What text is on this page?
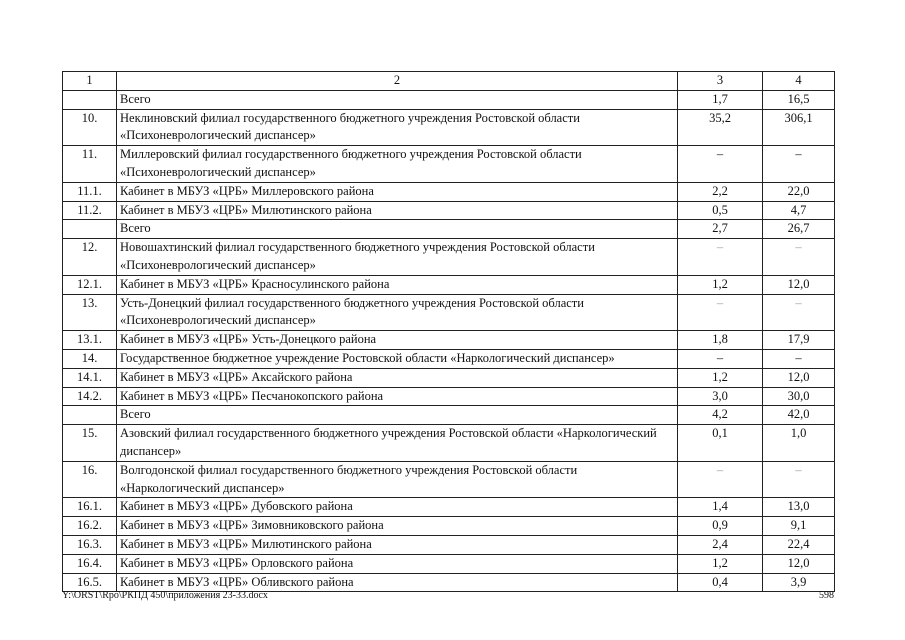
1	2	3	4
	Всего	1,7	16,5
10.	Неклиновский филиал государственного бюджетного учреждения Ростовской области «Психоневрологический диспансер»	35,2	306,1
11.	Миллеровский филиал государственного бюджетного учреждения Ростовской области «Психоневрологический диспансер»	–	–
11.1.	Кабинет в МБУЗ «ЦРБ» Миллеровского района	2,2	22,0
11.2.	Кабинет в МБУЗ «ЦРБ» Милютинского района	0,5	4,7
	Всего	2,7	26,7
12.	Новошахтинский филиал государственного бюджетного учреждения Ростовской области «Психоневрологический диспансер»	–	–
12.1.	Кабинет в МБУЗ «ЦРБ» Красносулинского района	1,2	12,0
13.	Усть-Донецкий филиал государственного бюджетного учреждения Ростовской области «Психоневрологический диспансер»	–	–
13.1.	Кабинет в МБУЗ «ЦРБ» Усть-Донецкого района	1,8	17,9
14.	Государственное бюджетное учреждение Ростовской области «Наркологический диспансер»	–	–
14.1.	Кабинет в МБУЗ «ЦРБ» Аксайского района	1,2	12,0
14.2.	Кабинет в МБУЗ «ЦРБ» Песчанокопского района	3,0	30,0
	Всего	4,2	42,0
15.	Азовский филиал государственного бюджетного учреждения Ростовской области «Наркологический диспансер»	0,1	1,0
16.	Волгодонской филиал государственного бюджетного учреждения Ростовской области «Наркологический диспансер»	–	–
16.1.	Кабинет в МБУЗ «ЦРБ» Дубовского района	1,4	13,0
16.2.	Кабинет в МБУЗ «ЦРБ» Зимовниковского района	0,9	9,1
16.3.	Кабинет в МБУЗ «ЦРБ» Милютинского района	2,4	22,4
16.4.	Кабинет в МБУЗ «ЦРБ» Орловского района	1,2	12,0
16.5.	Кабинет в МБУЗ «ЦРБ» Обливского района	0,4	3,9
Y:\ORST\Rpo\РКПД 450\приложения 23-33.docx	598
